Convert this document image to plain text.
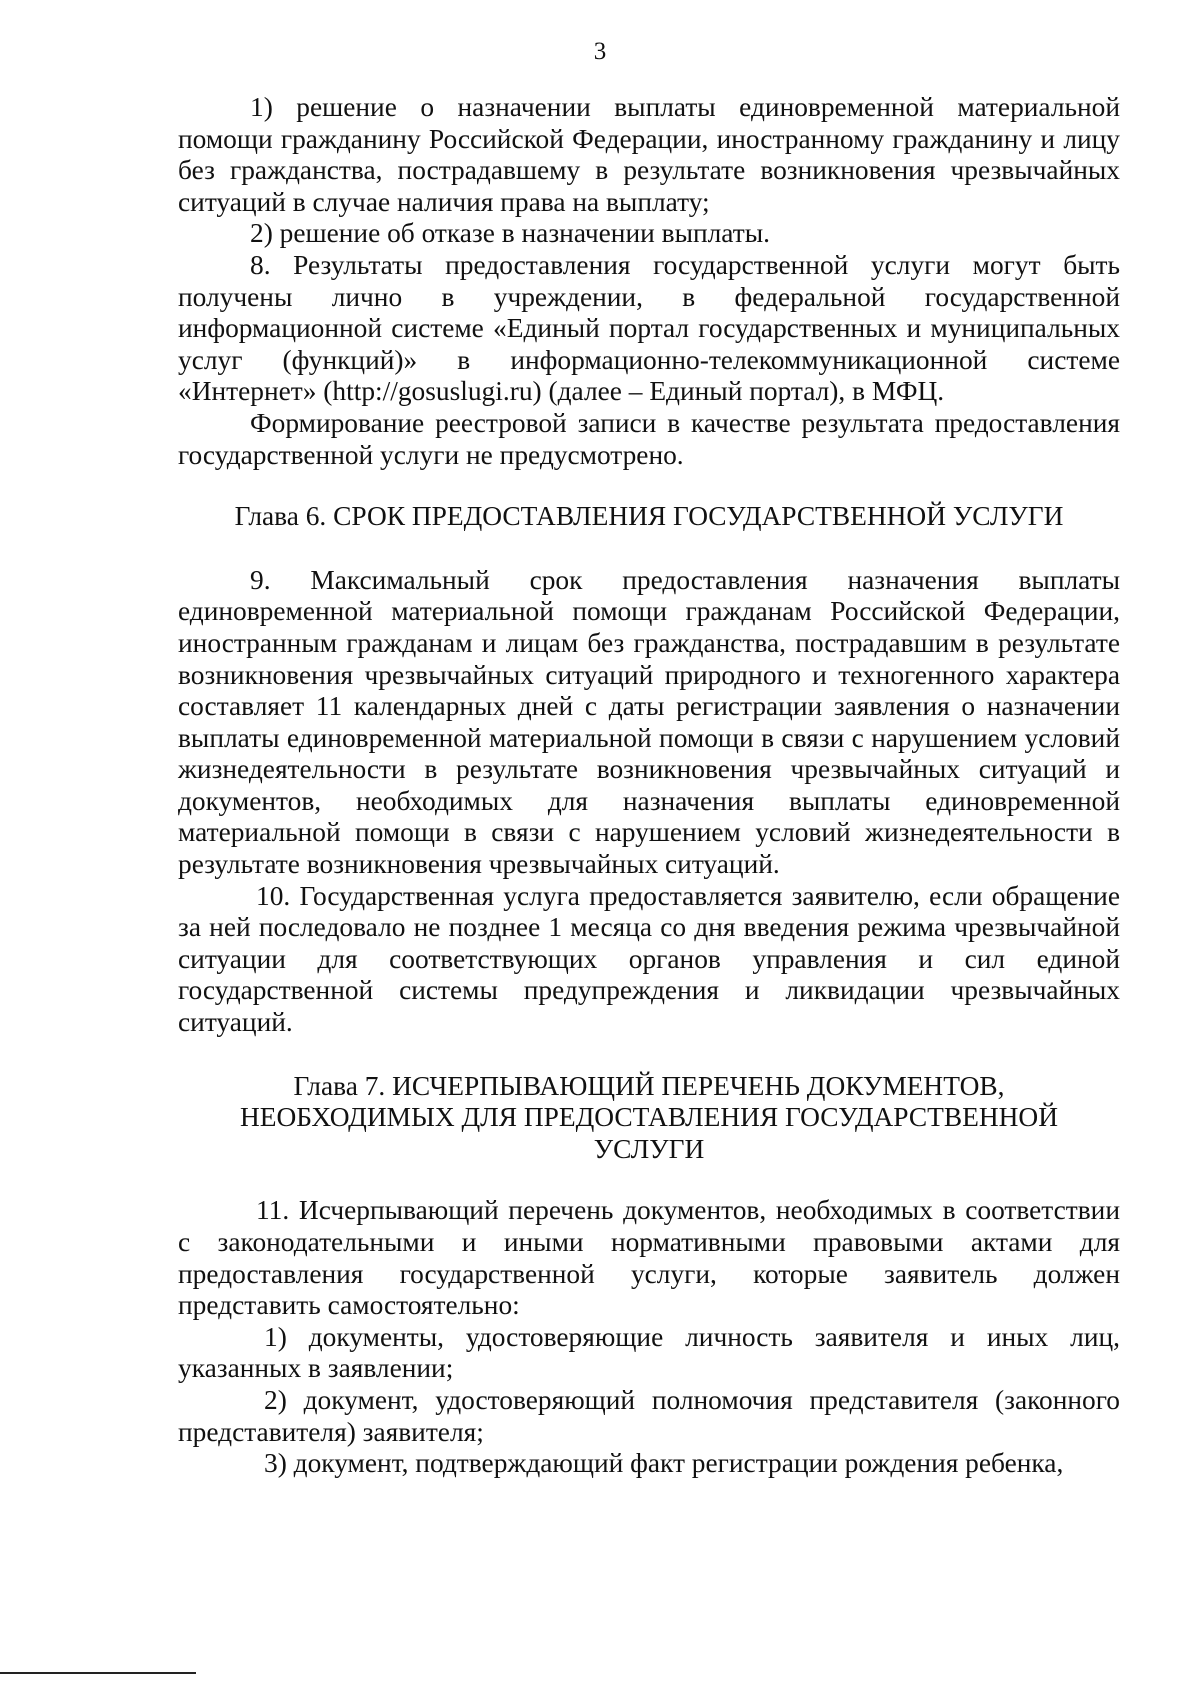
3

1) решение о назначении выплаты единовременной материальной помощи гражданину Российской Федерации, иностранному гражданину и лицу без гражданства, пострадавшему в результате возникновения чрезвычайных ситуаций в случае наличия права на выплату;

2) решение об отказе в назначении выплаты.

8. Результаты предоставления государственной услуги могут быть получены лично в учреждении, в федеральной государственной информационной системе «Единый портал государственных и муниципальных услуг (функций)» в информационно-телекоммуникационной системе «Интернет» (http://gosuslugi.ru) (далее – Единый портал), в МФЦ.

Формирование реестровой записи в качестве результата предоставления государственной услуги не предусмотрено.

Глава 6. СРОК ПРЕДОСТАВЛЕНИЯ ГОСУДАРСТВЕННОЙ УСЛУГИ

9. Максимальный срок предоставления назначения выплаты единовременной материальной помощи гражданам Российской Федерации, иностранным гражданам и лицам без гражданства, пострадавшим в результате возникновения чрезвычайных ситуаций природного и техногенного характера составляет 11 календарных дней с даты регистрации заявления о назначении выплаты единовременной материальной помощи в связи с нарушением условий жизнедеятельности в результате возникновения чрезвычайных ситуаций и документов, необходимых для назначения выплаты единовременной материальной помощи в связи с нарушением условий жизнедеятельности в результате возникновения чрезвычайных ситуаций.

10. Государственная услуга предоставляется заявителю, если обращение за ней последовало не позднее 1 месяца со дня введения режима чрезвычайной ситуации для соответствующих органов управления и сил единой государственной системы предупреждения и ликвидации чрезвычайных ситуаций.

Глава 7. ИСЧЕРПЫВАЮЩИЙ ПЕРЕЧЕНЬ ДОКУМЕНТОВ,
НЕОБХОДИМЫХ ДЛЯ ПРЕДОСТАВЛЕНИЯ ГОСУДАРСТВЕННОЙ
УСЛУГИ

11. Исчерпывающий перечень документов, необходимых в соответствии с законодательными и иными нормативными правовыми актами для предоставления государственной услуги, которые заявитель должен представить самостоятельно:

1) документы, удостоверяющие личность заявителя и иных лиц, указанных в заявлении;

2) документ, удостоверяющий полномочия представителя (законного представителя) заявителя;

3) документ, подтверждающий факт регистрации рождения ребенка,
